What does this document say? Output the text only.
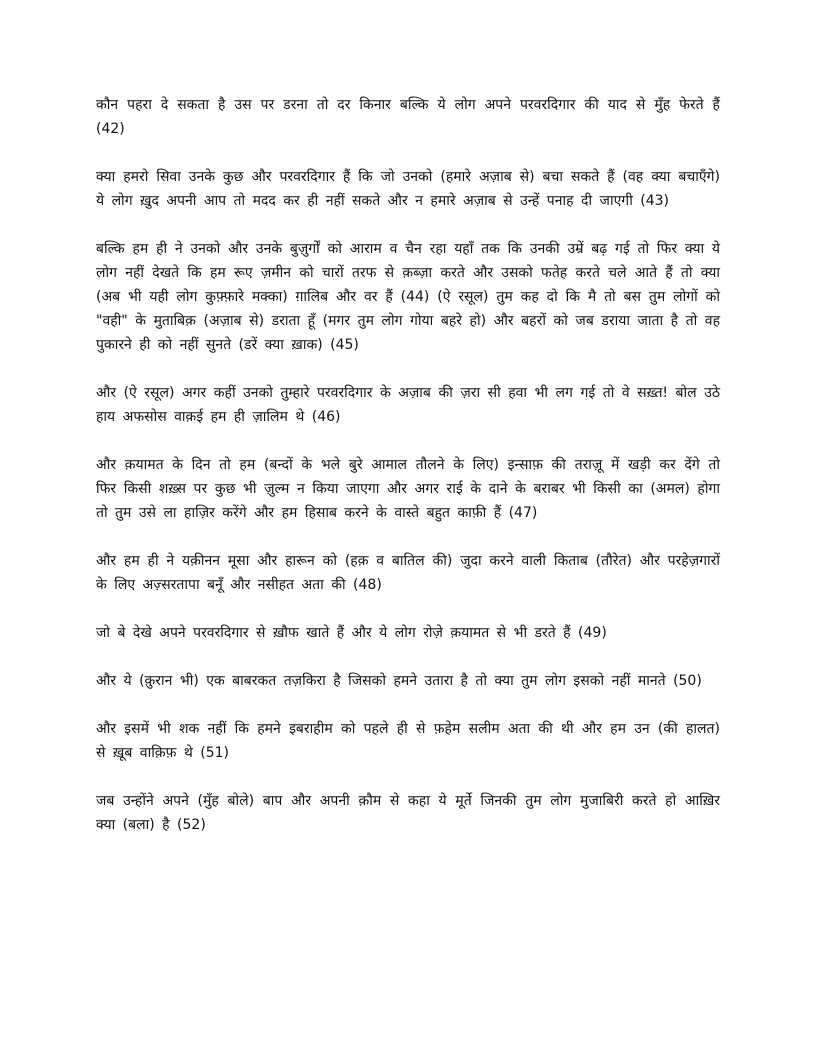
कौन पहरा दे सकता है उस पर डरना तो दर किनार बल्कि ये लोग अपने परवरदिगार की याद से मुँह फेरते हैं (42)

क्या हमरो सिवा उनके कुछ और परवरदिगार हैं कि जो उनको (हमारे अज़ाब से) बचा सकते हैं (वह क्या बचाएँगे) ये लोग ख़ुद अपनी आप तो मदद कर ही नहीं सकते और न हमारे अज़ाब से उन्हें पनाह दी जाएगी (43)

बल्कि हम ही ने उनको और उनके बुज़ुर्गों को आराम व चैन रहा यहाँ तक कि उनकी उम्रें बढ़ गई तो फिर क्या ये लोग नहीं देखते कि हम रूए ज़मीन को चारों तरफ से क़ब्ज़ा करते और उसको फतेह करते चले आते हैं तो क्या (अब भी यही लोग कुफ़्फ़ारे मक्का) ग़ालिब और वर हैं (44) (ऐ रसूल) तुम कह दो कि मै तो बस तुम लोगों को "वही" के मुताबिक़ (अज़ाब से) डराता हूँ (मगर तुम लोग गोया बहरे हो) और बहरों को जब डराया जाता है तो वह पुकारने ही को नहीं सुनते (डरें क्या ख़ाक) (45)

और (ऐ रसूल) अगर कहीं उनको तुम्हारे परवरदिगार के अज़ाब की ज़रा सी हवा भी लग गई तो वे सख़्त! बोल उठे हाय अफसोस वाक़ई हम ही ज़ालिम थे (46)

और क़यामत के दिन तो हम (बन्दों के भले बुरे आमाल तौलने के लिए) इन्साफ़ की तराज़ू में खड़ी कर देंगे तो फिर किसी शख़्स पर कुछ भी ज़ुल्म न किया जाएगा और अगर राई के दाने के बराबर भी किसी का (अमल) होगा तो तुम उसे ला हाज़िर करेंगे और हम हिसाब करने के वास्ते बहुत काफ़ी हैं (47)

और हम ही ने यक़ीनन मूसा और हारून को (हक़ व बातिल की) जुदा करने वाली किताब (तौरेत) और परहेज़गारों के लिए अज़्सरतापा बनूँ और नसीहत अता की (48)

जो बे देखे अपने परवरदिगार से ख़ौफ खाते हैं और ये लोग रोज़े क़यामत से भी डरते हैं (49)

और ये (क़ुरान भी) एक बाबरकत तज़किरा है जिसको हमने उतारा है तो क्या तुम लोग इसको नहीं मानते (50)

और इसमें भी शक नहीं कि हमने इबराहीम को पहले ही से फ़हेम सलीम अता की थी और हम उन (की हालत) से ख़ूब वाक़िफ़ थे (51)

जब उन्होंने अपने (मुँह बोले) बाप और अपनी क़ौम से कहा ये मूर्ते जिनकी तुम लोग मुजाबिरी करते हो आख़िर क्या (बला) है (52)
